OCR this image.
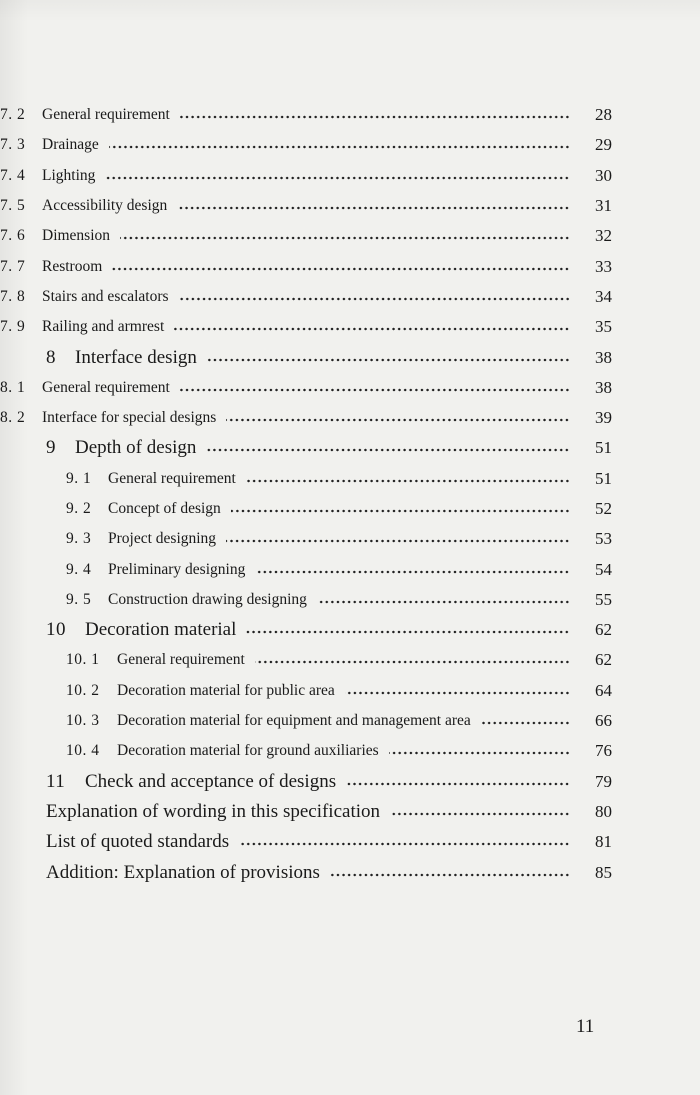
7. 2	General requirement	28
7. 3	Drainage	29
7. 4	Lighting	30
7. 5	Accessibility design	31
7. 6	Dimension	32
7. 7	Restroom	33
7. 8	Stairs and escalators	34
7. 9	Railing and armrest	35
8	Interface design	38
8. 1	General requirement	38
8. 2	Interface for special designs	39
9	Depth of design	51
9. 1	General requirement	51
9. 2	Concept of design	52
9. 3	Project designing	53
9. 4	Preliminary designing	54
9. 5	Construction drawing designing	55
10	Decoration material	62
10. 1	General requirement	62
10. 2	Decoration material for public area	64
10. 3	Decoration material for equipment and management area	66
10. 4	Decoration material for ground auxiliaries	76
11	Check and acceptance of designs	79
Explanation of wording in this specification	80
List of quoted standards	81
Addition: Explanation of provisions	85
11
